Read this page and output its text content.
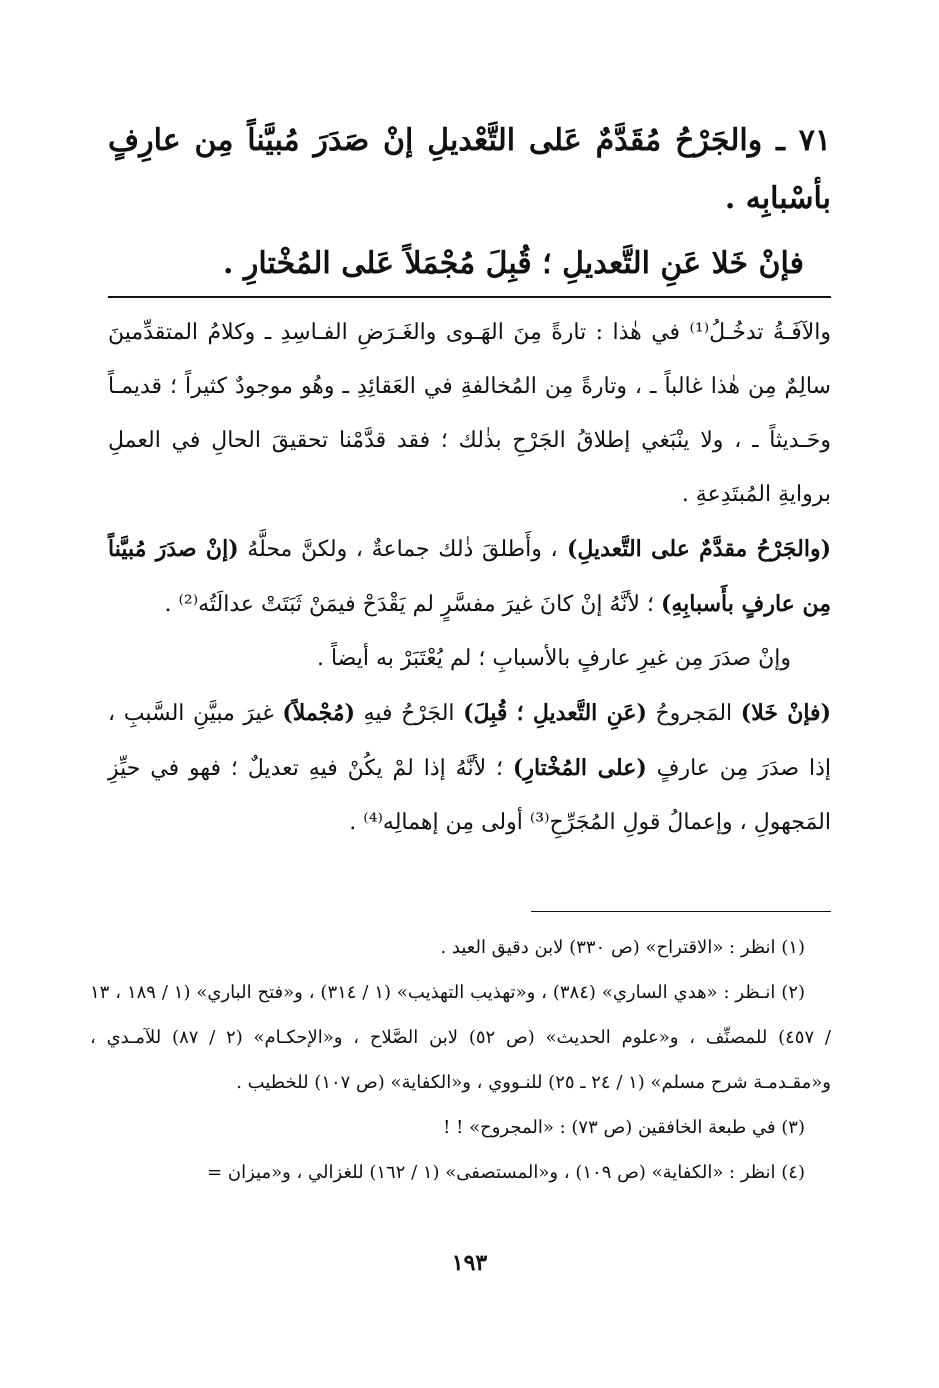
٧١ ـ والجَرْحُ مُقَدَّمٌ عَلى التَّعْديلِ إنْ صَدَرَ مُبيَّناً مِن عارِفٍ بأسْبابِه .
فإنْ خَلا عَنِ التَّعديلِ ؛ قُبِلَ مُجْمَلاً عَلى المُخْتارِ .

والآفَـةُ تدخُـلُ⁽¹⁾ في هٰذا : تارةً مِنَ الهَـوى والغَـرَضِ الفـاسِدِ ـ وكلامُ المتقدِّمينَ سالِمٌ مِن هٰذا غالباً ـ ، وتارةً مِن المُخالفةِ في العَقائِدِ ـ وهُو موجودٌ كثيراً ؛ قديمـاً وحَـديثاً ـ ، ولا ينْبَغي إطلاقُ الجَرْحِ بذٰلك ؛ فقد قدَّمْنا تحقيقَ الحالِ في العملِ بروايةِ المُبتَدِعةِ .

(والجَرْحُ مقدَّمٌ على التَّعديلِ) ، وأَطلقَ ذٰلك جماعةٌ ، ولكنَّ محلَّهُ (إنْ صدَرَ مُبيَّناً مِن عارفٍ بأَسبابِهِ) ؛ لأنَّهُ إنْ كانَ غيرَ مفسَّرٍ لم يَقْدَحْ فيمَنْ ثَبَتَتْ عدالَتُه⁽²⁾ .

وإنْ صدَرَ مِن غيرِ عارفٍ بالأسبابِ ؛ لم يُعْتَبَرْ به أيضاً .

(فإنْ خَلا) المَجروحُ (عَنِ التَّعديلِ ؛ قُبِلَ) الجَرْحُ فيهِ (مُجْملاً) غيرَ مبيَّنِ السَّببِ ، إذا صدَرَ مِن عارفٍ (على المُخْتارِ) ؛ لأنَّهُ إذا لمْ يكُنْ فيهِ تعديلٌ ؛ فهو في حيِّزِ المَجهولِ ، وإعمالُ قولِ المُجَرِّحِ⁽³⁾ أولى مِن إهمالِه⁽⁴⁾ .

(١) انظر : «الاقتراح» (ص ٣٣٠) لابن دقيق العيد .

(٢) انـظر : «هدي الساري» (٣٨٤) ، و«تهذيب التهذيب» (١ / ٣١٤) ، و«فتح الباري» (١ / ١٨٩ ، ١٣ / ٤٥٧) للمصنِّف ، و«علوم الحديث» (ص ٥٢) لابن الصَّلاح ، و«الإحكـام» (٢ / ٨٧) للآمـدي ، و«مقـدمـة شرح مسلم» (١ / ٢٤ ـ ٢٥) للنـووي ، و«الكفاية» (ص ١٠٧) للخطيب .

(٣) في طبعة الخافقين (ص ٧٣) : «المجروح» ! !

(٤) انظر : «الكفاية» (ص ١٠٩) ، و«المستصفى» (١ / ١٦٢) للغزالي ، و«ميزان =

١٩٣
